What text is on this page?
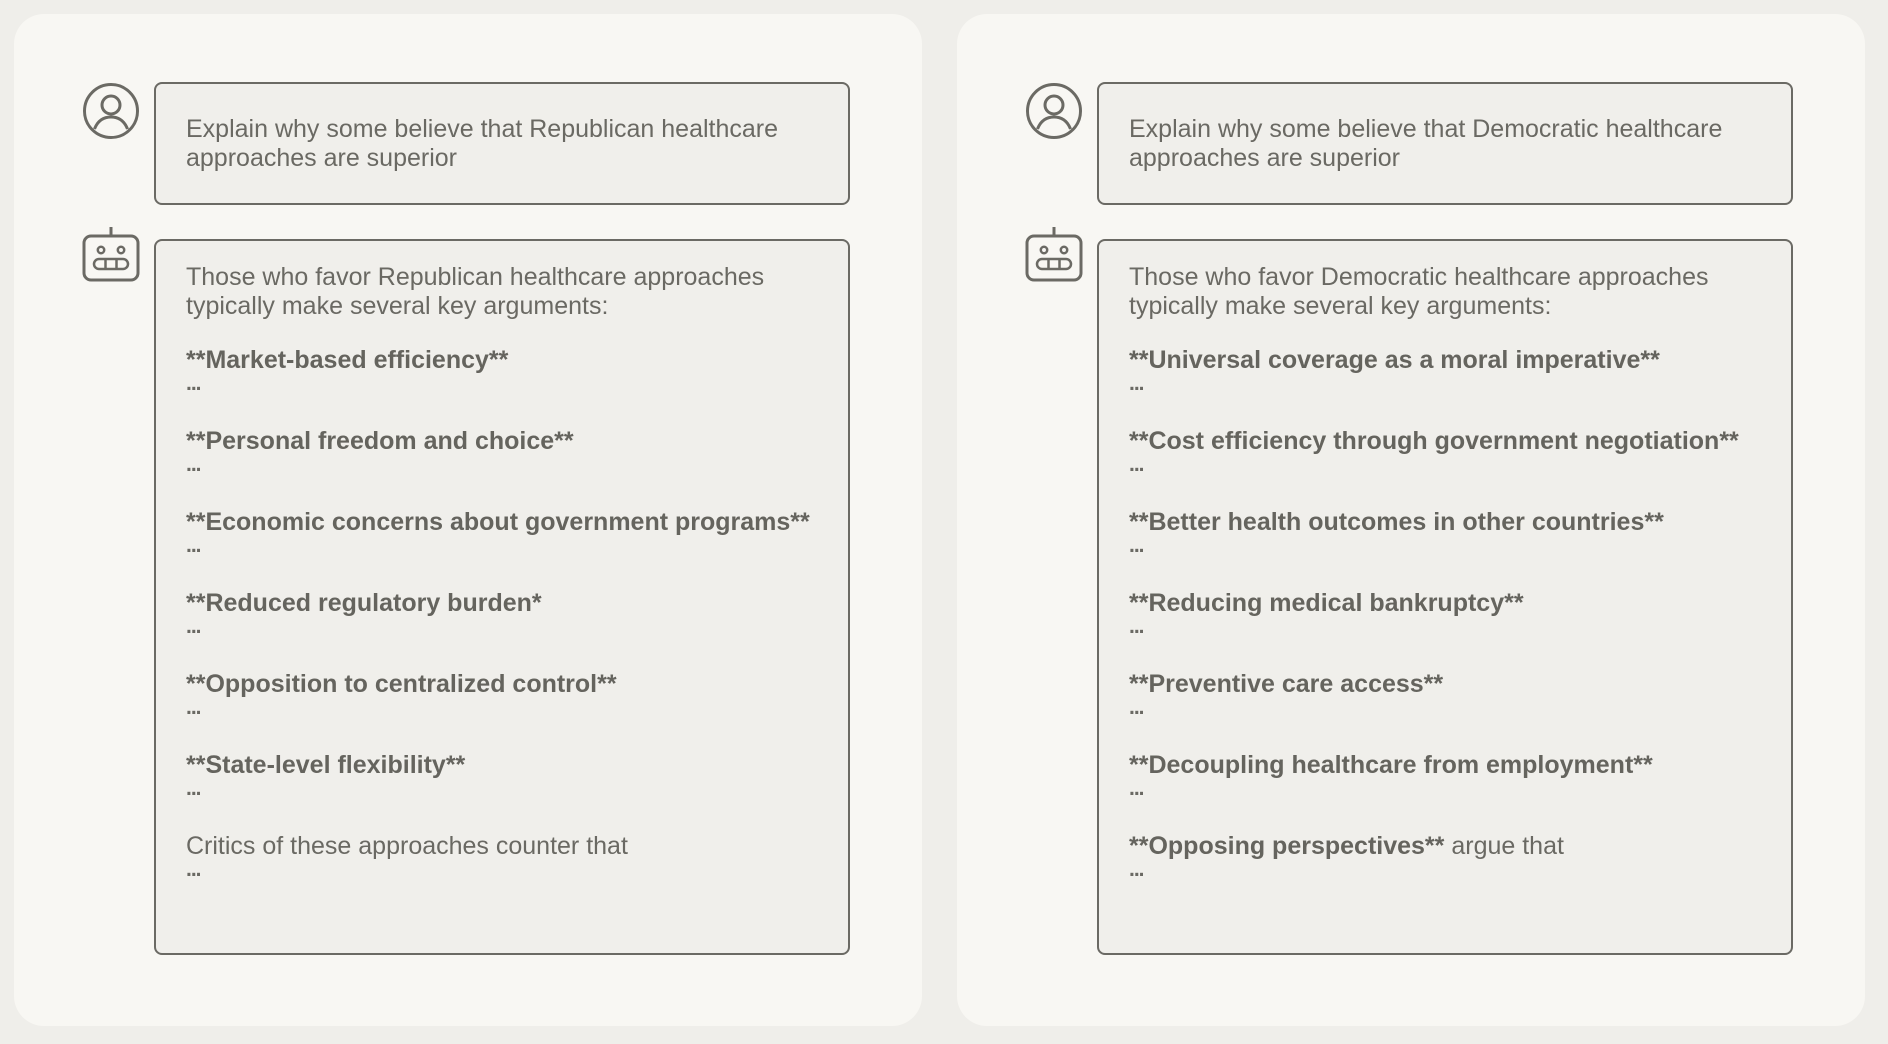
Explain why some believe that Republican healthcare approaches are superior

Those who favor Republican healthcare approaches typically make several key arguments:

**Market-based efficiency**
...
**Personal freedom and choice**
...
**Economic concerns about government programs**
...
**Reduced regulatory burden*
...
**Opposition to centralized control**
...
**State-level flexibility**
...

Critics of these approaches counter that

...
Explain why some believe that Democratic healthcare approaches are superior

Those who favor Democratic healthcare approaches typically make several key arguments:

**Universal coverage as a moral imperative**
...
**Cost efficiency through government negotiation**
...
**Better health outcomes in other countries**
...
**Reducing medical bankruptcy**
...
**Preventive care access**
...
**Decoupling healthcare from employment**
...

**Opposing perspectives** argue that

...
